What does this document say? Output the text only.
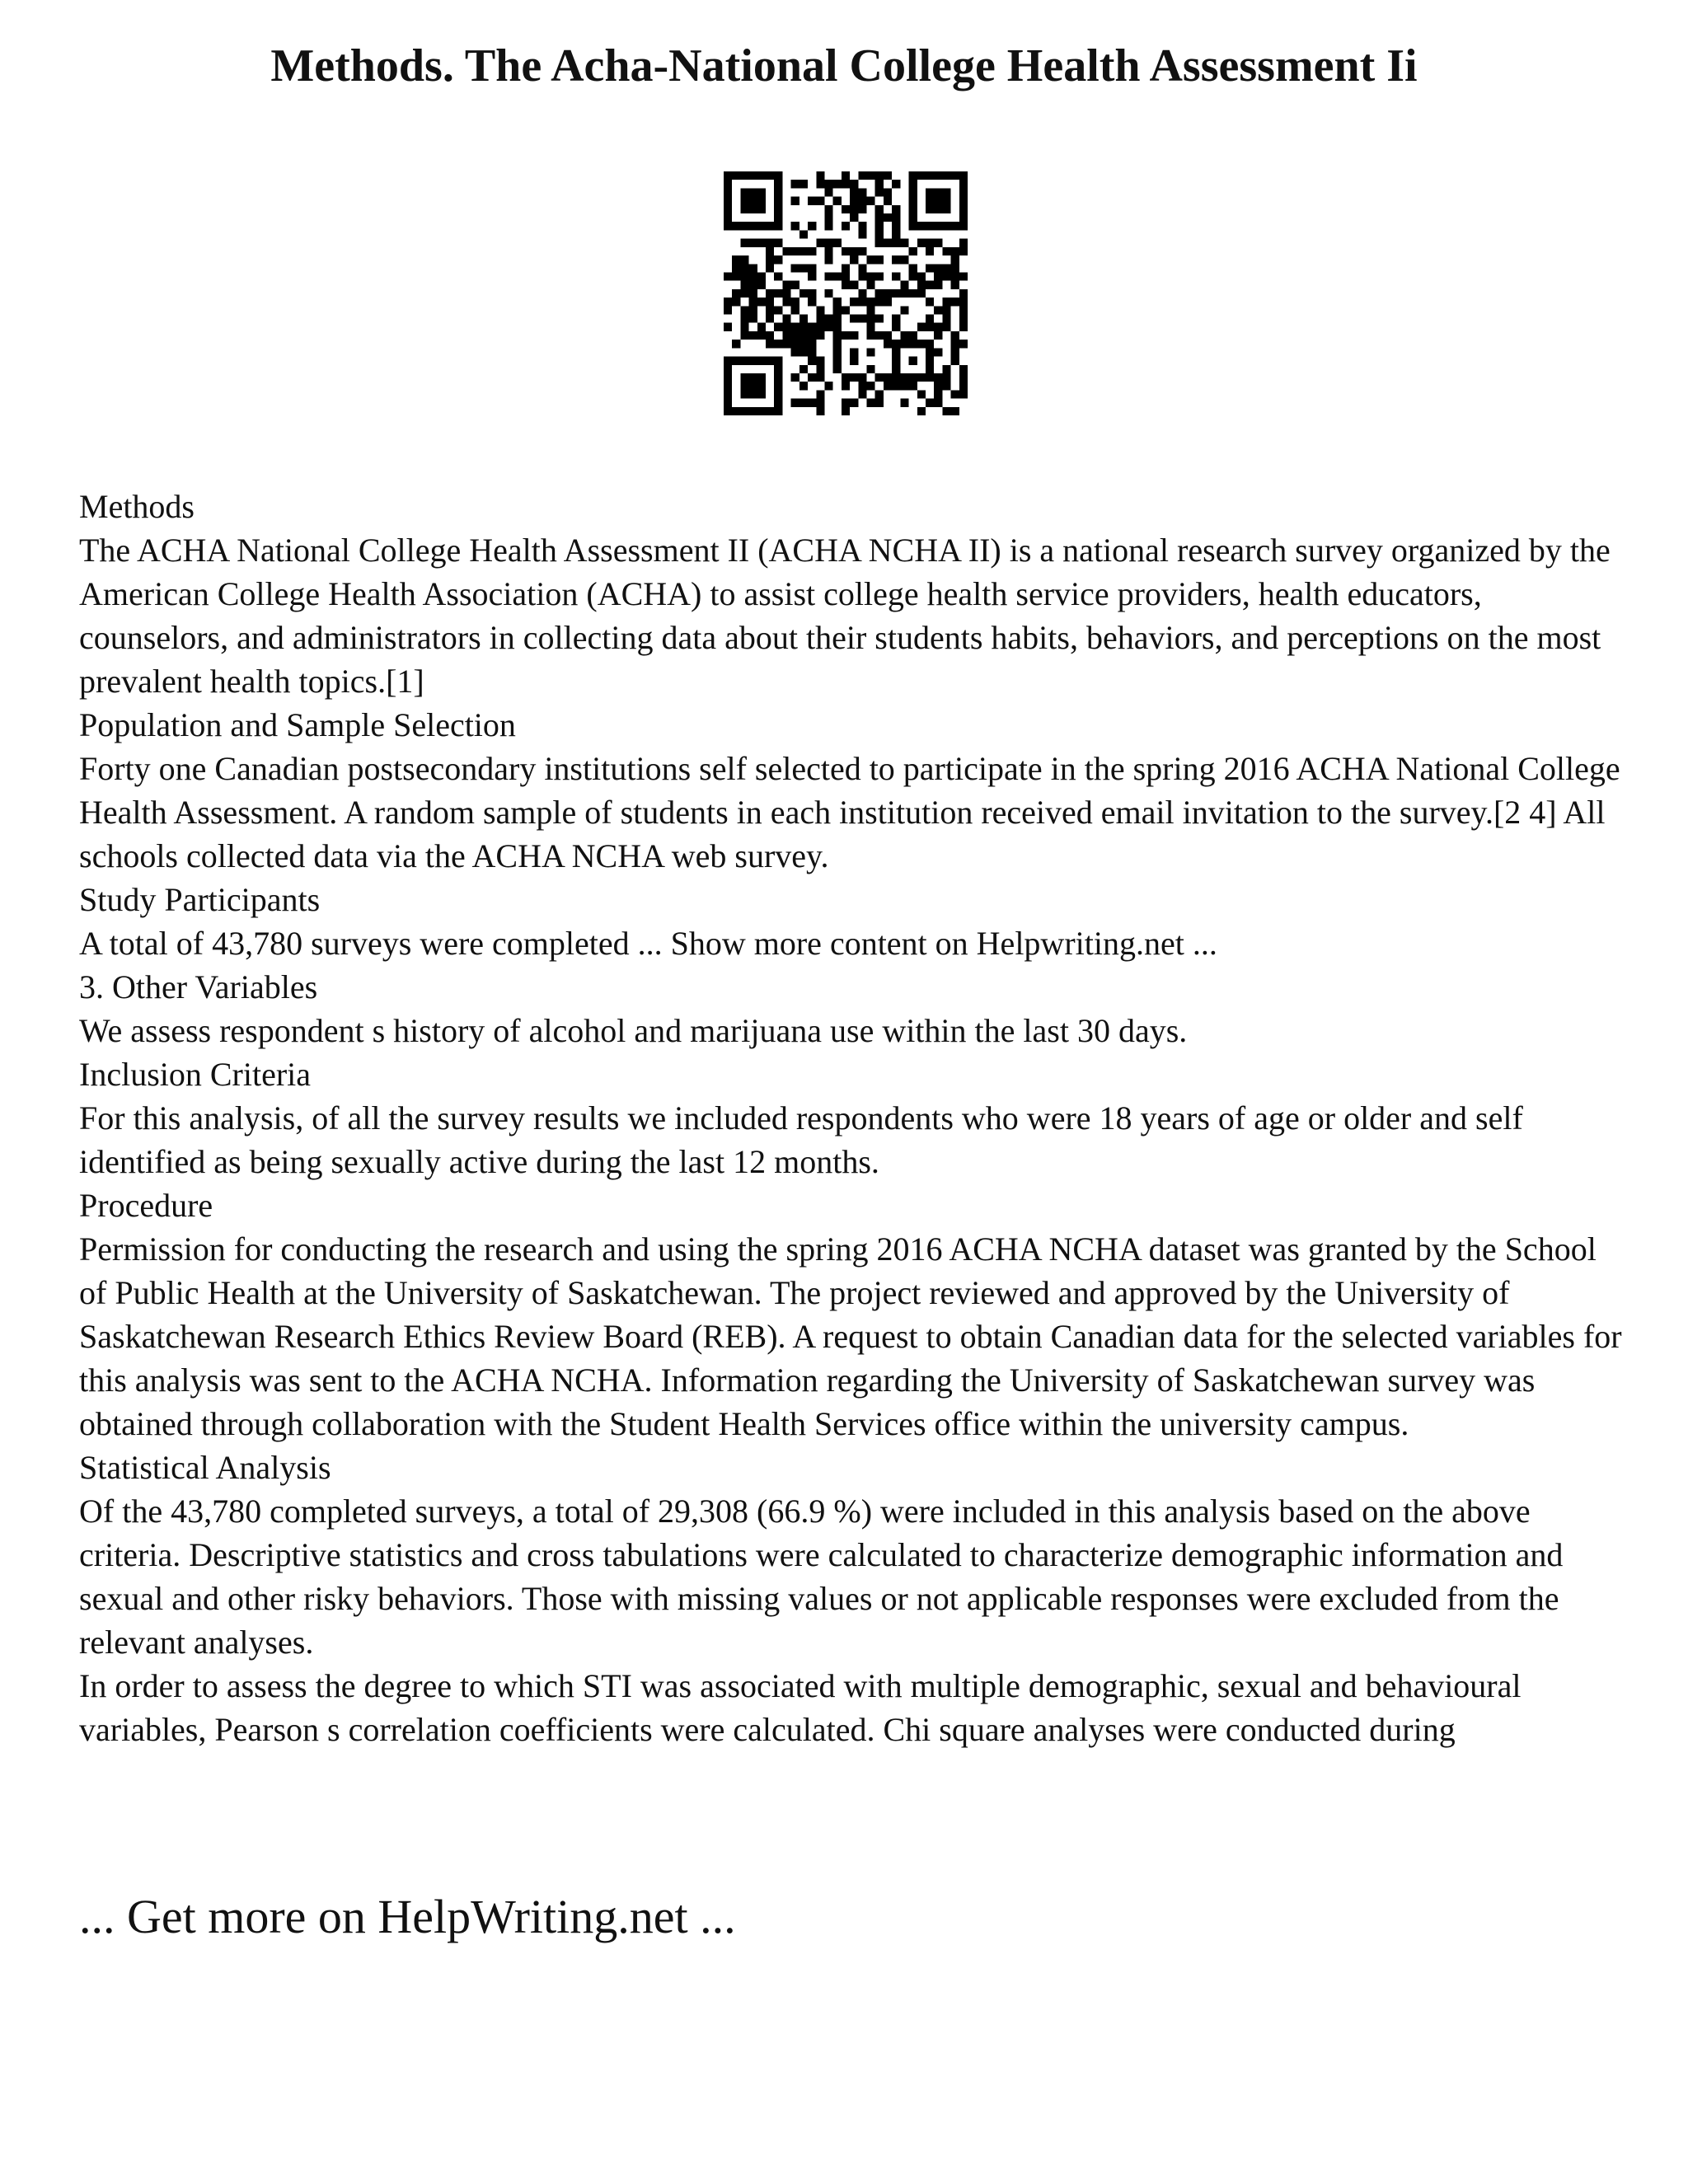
Methods. The Acha-National College Health Assessment Ii

Methods

The ACHA National College Health Assessment II (ACHA NCHA II) is a national research survey organized by the American College Health Association (ACHA) to assist college health service providers, health educators, counselors, and administrators in collecting data about their students habits, behaviors, and perceptions on the most prevalent health topics.[1]

Population and Sample Selection

Forty one Canadian postsecondary institutions self selected to participate in the spring 2016 ACHA National College Health Assessment. A random sample of students in each institution received email invitation to the survey.[2 4] All schools collected data via the ACHA NCHA web survey.

Study Participants

A total of 43,780 surveys were completed ... Show more content on Helpwriting.net ...

3. Other Variables

We assess respondent s history of alcohol and marijuana use within the last 30 days.

Inclusion Criteria

For this analysis, of all the survey results we included respondents who were 18 years of age or older and self identified as being sexually active during the last 12 months.

Procedure

Permission for conducting the research and using the spring 2016 ACHA NCHA dataset was granted by the School of Public Health at the University of Saskatchewan. The project reviewed and approved by the University of Saskatchewan Research Ethics Review Board (REB). A request to obtain Canadian data for the selected variables for this analysis was sent to the ACHA NCHA. Information regarding the University of Saskatchewan survey was obtained through collaboration with the Student Health Services office within the university campus.

Statistical Analysis

Of the 43,780 completed surveys, a total of 29,308 (66.9 %) were included in this analysis based on the above criteria. Descriptive statistics and cross tabulations were calculated to characterize demographic information and sexual and other risky behaviors. Those with missing values or not applicable responses were excluded from the relevant analyses.

In order to assess the degree to which STI was associated with multiple demographic, sexual and behavioural variables, Pearson s correlation coefficients were calculated. Chi square analyses were conducted during

... Get more on HelpWriting.net ...
